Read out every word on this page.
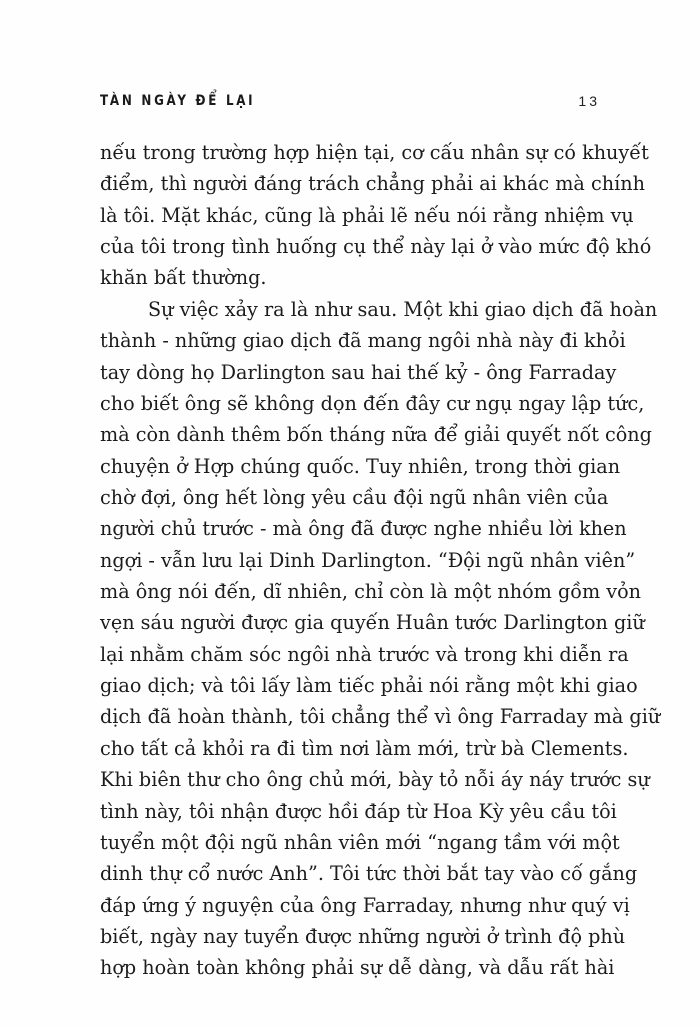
TÀN NGÀY ĐỂ LẠI	13
nếu trong trường hợp hiện tại, cơ cấu nhân sự có khuyết
điểm, thì người đáng trách chẳng phải ai khác mà chính
là tôi. Mặt khác, cũng là phải lẽ nếu nói rằng nhiệm vụ
của tôi trong tình huống cụ thể này lại ở vào mức độ khó
khăn bất thường.
Sự việc xảy ra là như sau. Một khi giao dịch đã hoàn
thành - những giao dịch đã mang ngôi nhà này đi khỏi
tay dòng họ Darlington sau hai thế kỷ - ông Farraday
cho biết ông sẽ không dọn đến đây cư ngụ ngay lập tức,
mà còn dành thêm bốn tháng nữa để giải quyết nốt công
chuyện ở Hợp chúng quốc. Tuy nhiên, trong thời gian
chờ đợi, ông hết lòng yêu cầu đội ngũ nhân viên của
người chủ trước - mà ông đã được nghe nhiều lời khen
ngợi - vẫn lưu lại Dinh Darlington. “Đội ngũ nhân viên”
mà ông nói đến, dĩ nhiên, chỉ còn là một nhóm gồm vỏn
vẹn sáu người được gia quyến Huân tước Darlington giữ
lại nhằm chăm sóc ngôi nhà trước và trong khi diễn ra
giao dịch; và tôi lấy làm tiếc phải nói rằng một khi giao
dịch đã hoàn thành, tôi chẳng thể vì ông Farraday mà giữ
cho tất cả khỏi ra đi tìm nơi làm mới, trừ bà Clements.
Khi biên thư cho ông chủ mới, bày tỏ nỗi áy náy trước sự
tình này, tôi nhận được hồi đáp từ Hoa Kỳ yêu cầu tôi
tuyển một đội ngũ nhân viên mới “ngang tầm với một
dinh thự cổ nước Anh”. Tôi tức thời bắt tay vào cố gắng
đáp ứng ý nguyện của ông Farraday, nhưng như quý vị
biết, ngày nay tuyển được những người ở trình độ phù
hợp hoàn toàn không phải sự dễ dàng, và dẫu rất hài
